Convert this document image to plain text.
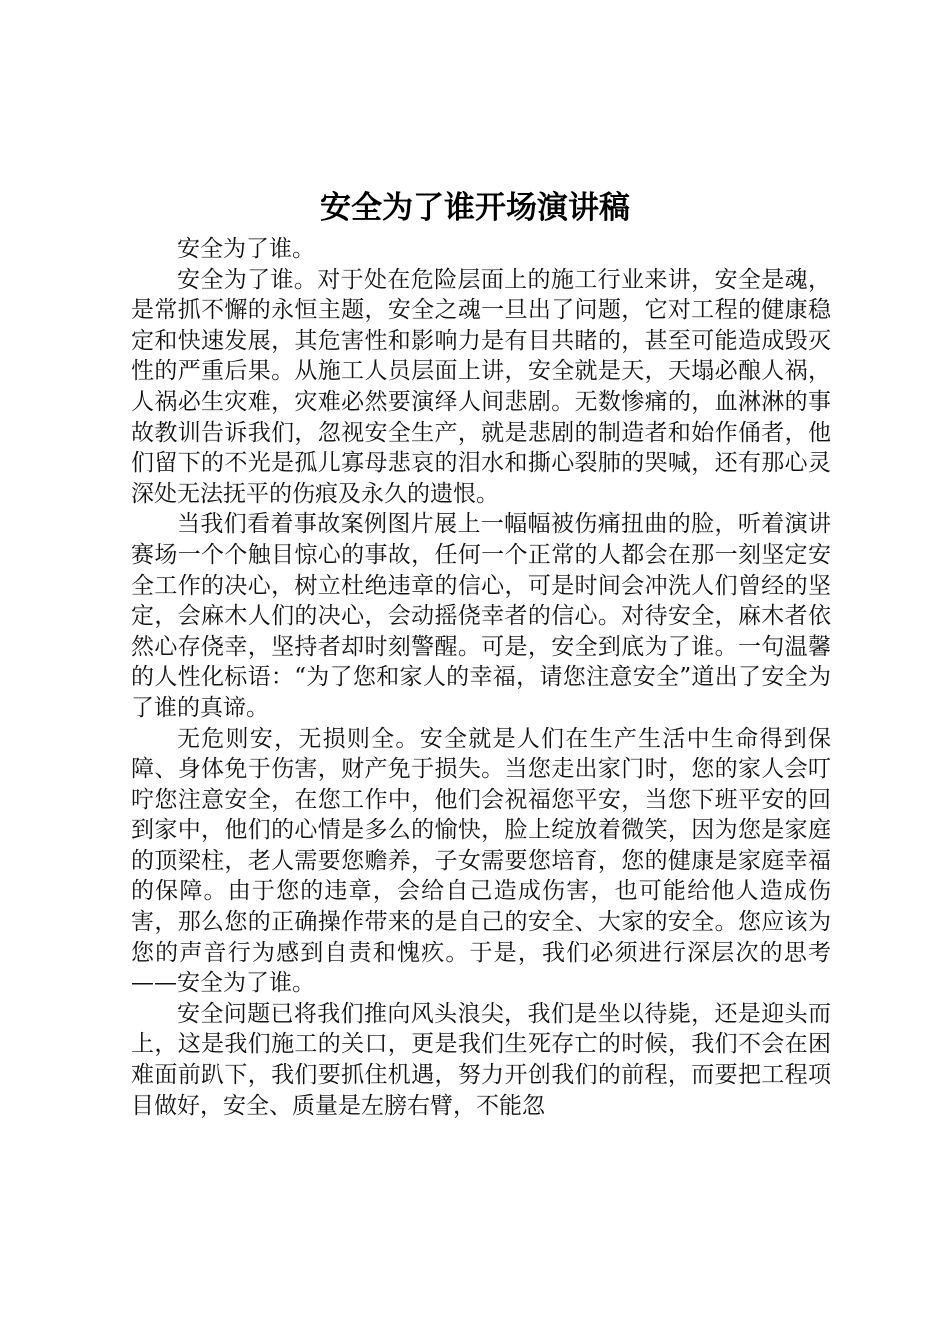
安全为了谁开场演讲稿

安全为了谁。

安全为了谁。对于处在危险层面上的施工行业来讲，安全是魂，是常抓不懈的永恒主题，安全之魂一旦出了问题，它对工程的健康稳定和快速发展，其危害性和影响力是有目共睹的，甚至可能造成毁灭性的严重后果。从施工人员层面上讲，安全就是天，天塌必酿人祸，人祸必生灾难，灾难必然要演绎人间悲剧。无数惨痛的，血淋淋的事故教训告诉我们，忽视安全生产，就是悲剧的制造者和始作俑者，他们留下的不光是孤儿寡母悲哀的泪水和撕心裂肺的哭喊，还有那心灵深处无法抚平的伤痕及永久的遗恨。

当我们看着事故案例图片展上一幅幅被伤痛扭曲的脸，听着演讲赛场一个个触目惊心的事故，任何一个正常的人都会在那一刻坚定安全工作的决心，树立杜绝违章的信心，可是时间会冲洗人们曾经的坚定，会麻木人们的决心，会动摇侥幸者的信心。对待安全，麻木者依然心存侥幸，坚持者却时刻警醒。可是，安全到底为了谁。一句温馨的人性化标语：“为了您和家人的幸福，请您注意安全”道出了安全为了谁的真谛。

无危则安，无损则全。安全就是人们在生产生活中生命得到保障、身体免于伤害，财产免于损失。当您走出家门时，您的家人会叮咛您注意安全，在您工作中，他们会祝福您平安，当您下班平安的回到家中，他们的心情是多么的愉快，脸上绽放着微笑，因为您是家庭的顶梁柱，老人需要您赡养，子女需要您培育，您的健康是家庭幸福的保障。由于您的违章，会给自己造成伤害，也可能给他人造成伤害，那么您的正确操作带来的是自己的安全、大家的安全。您应该为您的声音行为感到自责和愧疚。于是，我们必须进行深层次的思考——安全为了谁。

安全问题已将我们推向风头浪尖，我们是坐以待毙，还是迎头而上，这是我们施工的关口，更是我们生死存亡的时候，我们不会在困难面前趴下，我们要抓住机遇，努力开创我们的前程，而要把工程项目做好，安全、质量是左膀右臂，不能忽
